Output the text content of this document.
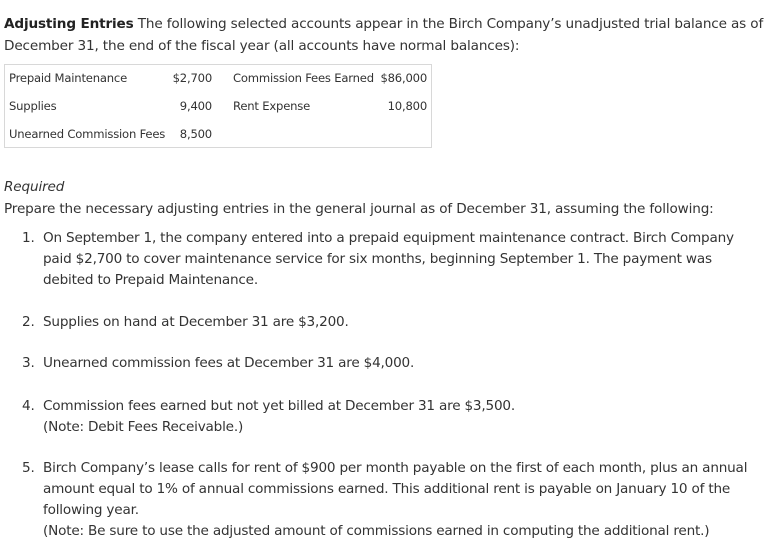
Adjusting Entries The following selected accounts appear in the Birch Company’s unadjusted trial balance as of December 31, the end of the fiscal year (all accounts have normal balances):
Prepaid Maintenance	$2,700 Commission Fees Earned $86,000
Supplies	9,400 Rent Expense	10,800
Unearned Commission Fees 8,500
Required
Prepare the necessary adjusting entries in the general journal as of December 31, assuming the following:
1. On September 1, the company entered into a prepaid equipment maintenance contract. Birch Company paid $2,700 to cover maintenance service for six months, beginning September 1. The payment was debited to Prepaid Maintenance.
2. Supplies on hand at December 31 are $3,200.
3. Unearned commission fees at December 31 are $4,000.
4. Commission fees earned but not yet billed at December 31 are $3,500.
(Note: Debit Fees Receivable.)
5. Birch Company’s lease calls for rent of $900 per month payable on the first of each month, plus an annual amount equal to 1% of annual commissions earned. This additional rent is payable on January 10 of the following year.
(Note: Be sure to use the adjusted amount of commissions earned in computing the additional rent.)
